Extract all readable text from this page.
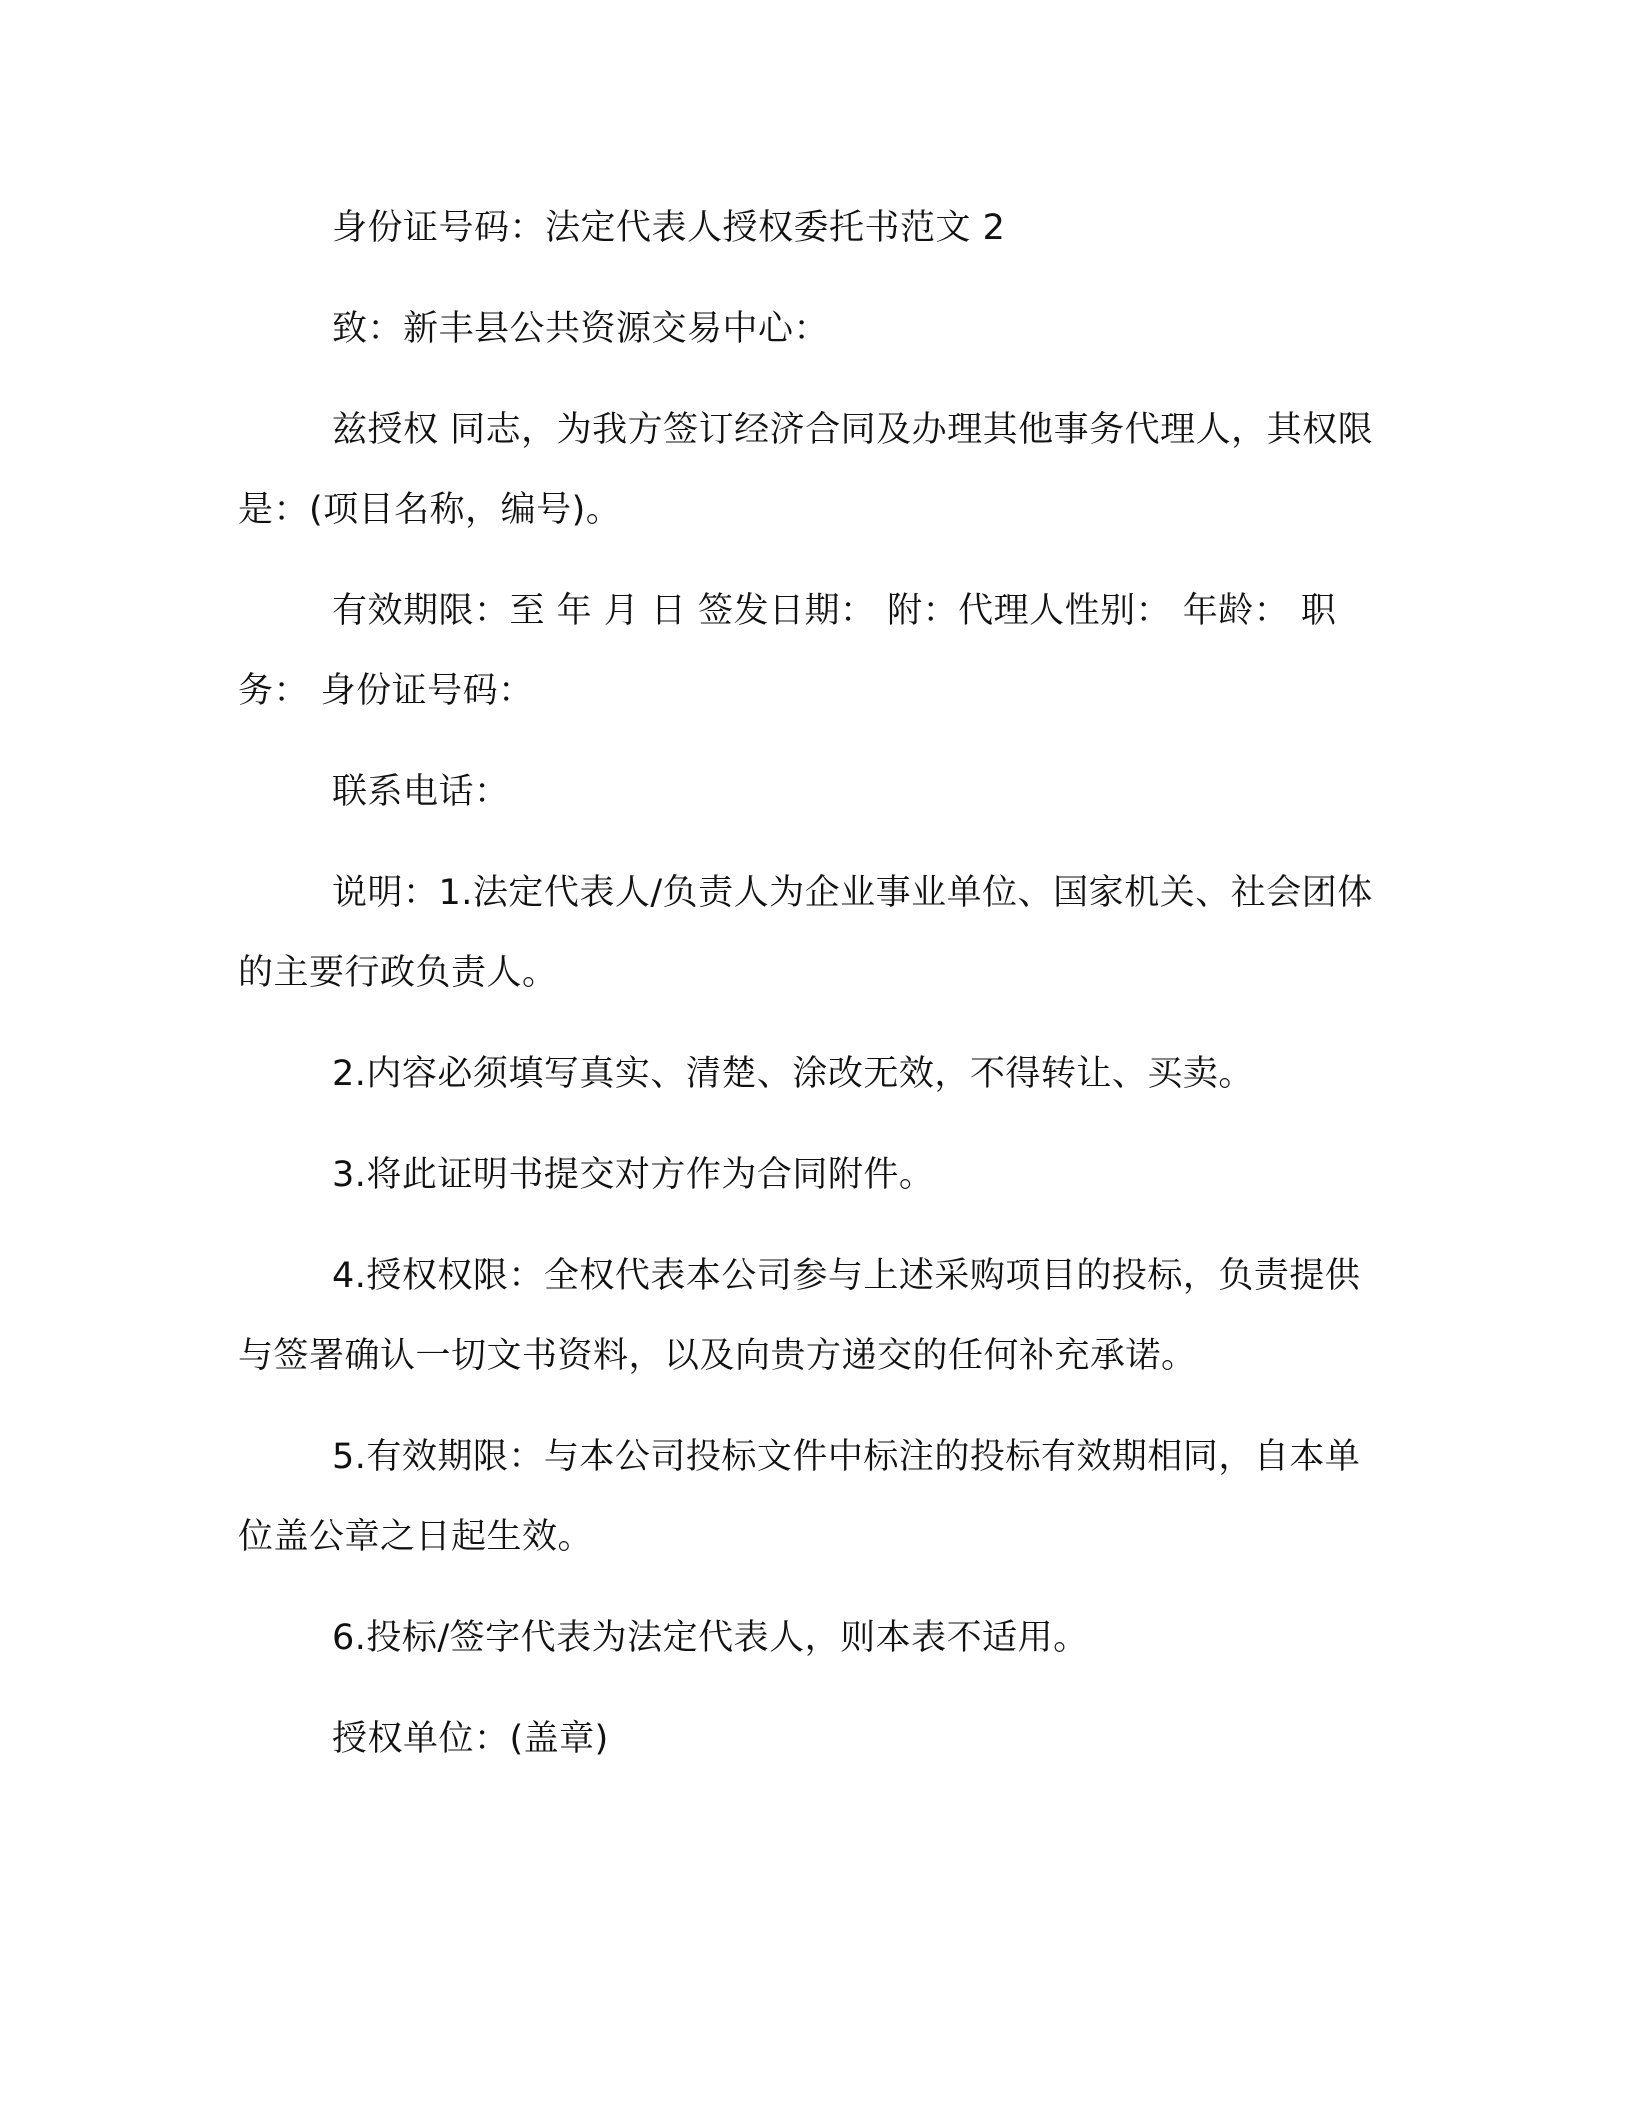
身份证号码：法定代表人授权委托书范文 2

致：新丰县公共资源交易中心：

兹授权 同志，为我方签订经济合同及办理其他事务代理人，其权限是：(项目名称，编号)。

有效期限：至 年 月 日 签发日期： 附：代理人性别： 年龄： 职务： 身份证号码：

联系电话：

说明：1.法定代表人/负责人为企业事业单位、国家机关、社会团体的主要行政负责人。

2.内容必须填写真实、清楚、涂改无效，不得转让、买卖。

3.将此证明书提交对方作为合同附件。

4.授权权限：全权代表本公司参与上述采购项目的投标，负责提供与签署确认一切文书资料，以及向贵方递交的任何补充承诺。

5.有效期限：与本公司投标文件中标注的投标有效期相同，自本单位盖公章之日起生效。

6.投标/签字代表为法定代表人，则本表不适用。

授权单位：(盖章)
